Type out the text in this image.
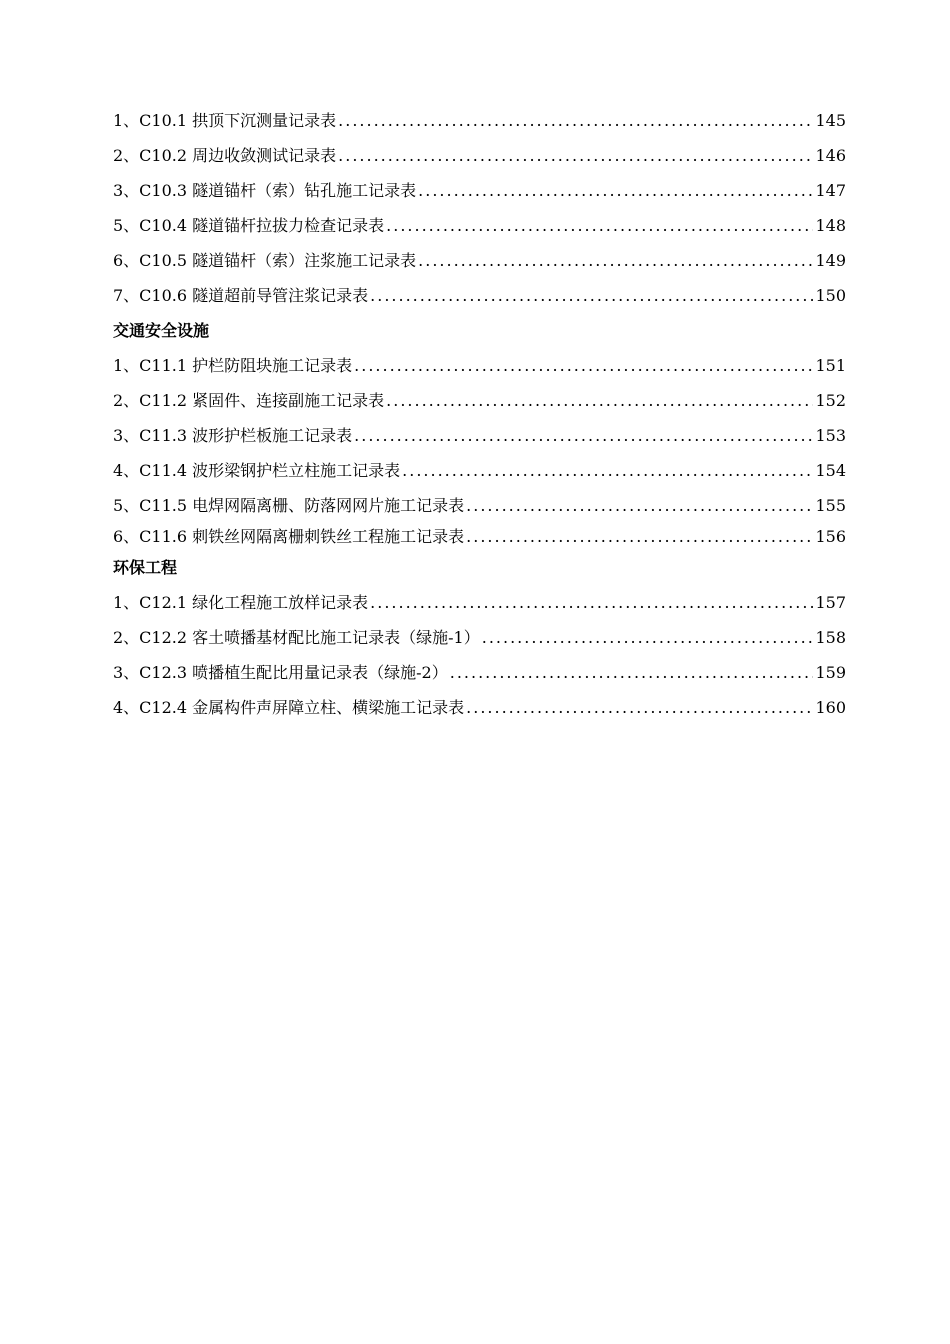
1、C10.1 拱顶下沉测量记录表 .....	145
2、C10.2 周边收敛测试记录表 .....	146
3、C10.3 隧道锚杆（索）钻孔施工记录表 .....	147
5、C10.4 隧道锚杆拉拔力检查记录表 .....	148
6、C10.5 隧道锚杆（索）注浆施工记录表 .....	149
7、C10.6 隧道超前导管注浆记录表 .....	150
交通安全设施
1、C11.1 护栏防阻块施工记录表 .....	151
2、C11.2 紧固件、连接副施工记录表 .....	152
3、C11.3 波形护栏板施工记录表 .....	153
4、C11.4 波形梁钢护栏立柱施工记录表 .....	154
5、C11.5 电焊网隔离栅、防落网网片施工记录表 .....	155
6、C11.6 刺铁丝网隔离栅刺铁丝工程施工记录表 .....	156
环保工程
1、C12.1 绿化工程施工放样记录表 .....	157
2、C12.2 客土喷播基材配比施工记录表（绿施-1） .....	158
3、C12.3 喷播植生配比用量记录表（绿施-2） .....	159
4、C12.4 金属构件声屏障立柱、横梁施工记录表 .....	160
